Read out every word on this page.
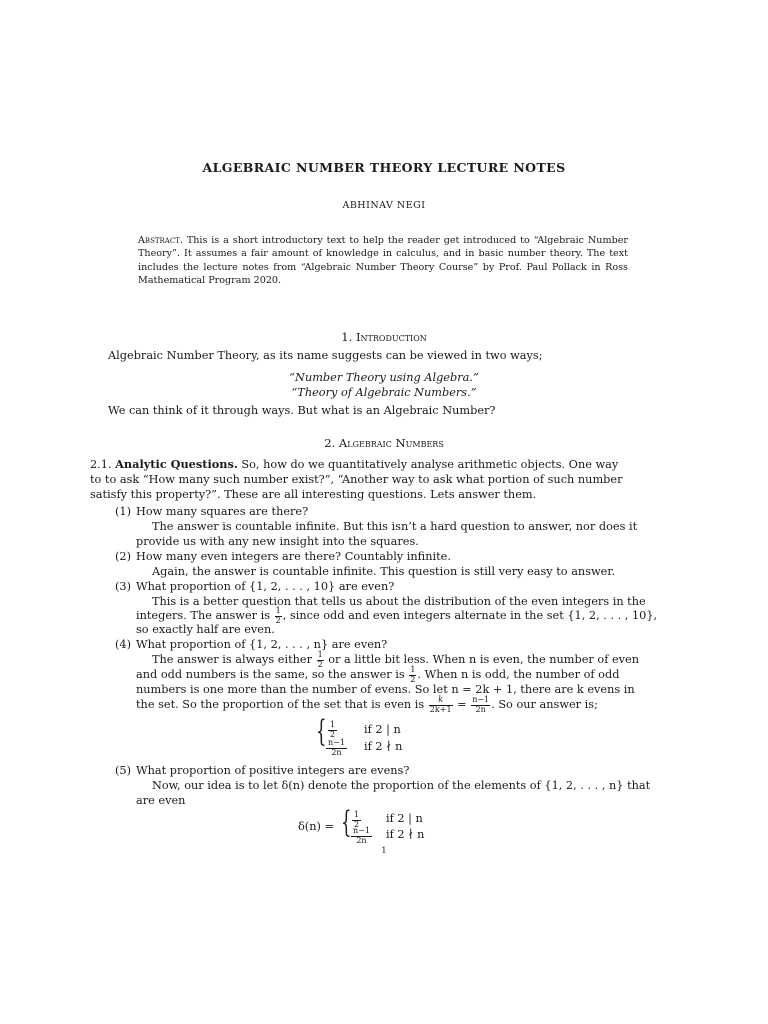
ALGEBRAIC NUMBER THEORY LECTURE NOTES
ABHINAV NEGI
Abstract. This is a short introductory text to help the reader get introduced to “Algebraic Number Theory”. It assumes a fair amount of knowledge in calculus, and in basic number theory. The text includes the lecture notes from “Algebraic Number Theory Course” by Prof. Paul Pollack in Ross Mathematical Program 2020.
1. Introduction
Algebraic Number Theory, as its name suggests can be viewed in two ways;
“Number Theory using Algebra.”
“Theory of Algebraic Numbers.”
We can think of it through ways. But what is an Algebraic Number?
2. Algebraic Numbers
2.1. Analytic Questions. So, how do we quantitatively analyse arithmetic objects. One way
to to ask “How many such number exist?”, “Another way to ask what portion of such number
satisfy this property?”. These are all interesting questions. Lets answer them.
(1) How many squares are there?
The answer is countable infinite. But this isn’t a hard question to answer, nor does it
provide us with any new insight into the squares.
(2) How many even integers are there? Countably infinite.
Again, the answer is countable infinite. This question is still very easy to answer.
(3) What proportion of {1, 2, . . . , 10} are even?
This is a better question that tells us about the distribution of the even integers in the
integers. The answer is $\frac{1}{2}$ , since odd and even integers alternate in the set {1, 2, . . . , 10},
so exactly half are even.
(4) What proportion of {1, 2, . . . , n} are even?
The answer is always either $\frac{1}{2}$ or a little bit less. When n is even, the number of even
and odd numbers is the same, so the answer is $\frac{1}{2}$ . When n is odd, the number of odd
numbers is one more than the number of evens. So let n = 2k + 1, there are k evens in
the set. So the proportion of the set that is even is $\frac{k}{2k+1} = \frac{n-1}{2n}$ . So our answer is;
{ $\frac{1}{2}$ if 2 | n
$\frac{n-1}{2n}$ if 2 ∤ n
(5) What proportion of positive integers are evens?
Now, our idea is to let δ(n) denote the proportion of the elements of {1, 2, . . . , n} that
are even
δ(n) = { $\frac{1}{2}$ if 2 | n
$\frac{n-1}{2n}$ if 2 ∤ n
1
